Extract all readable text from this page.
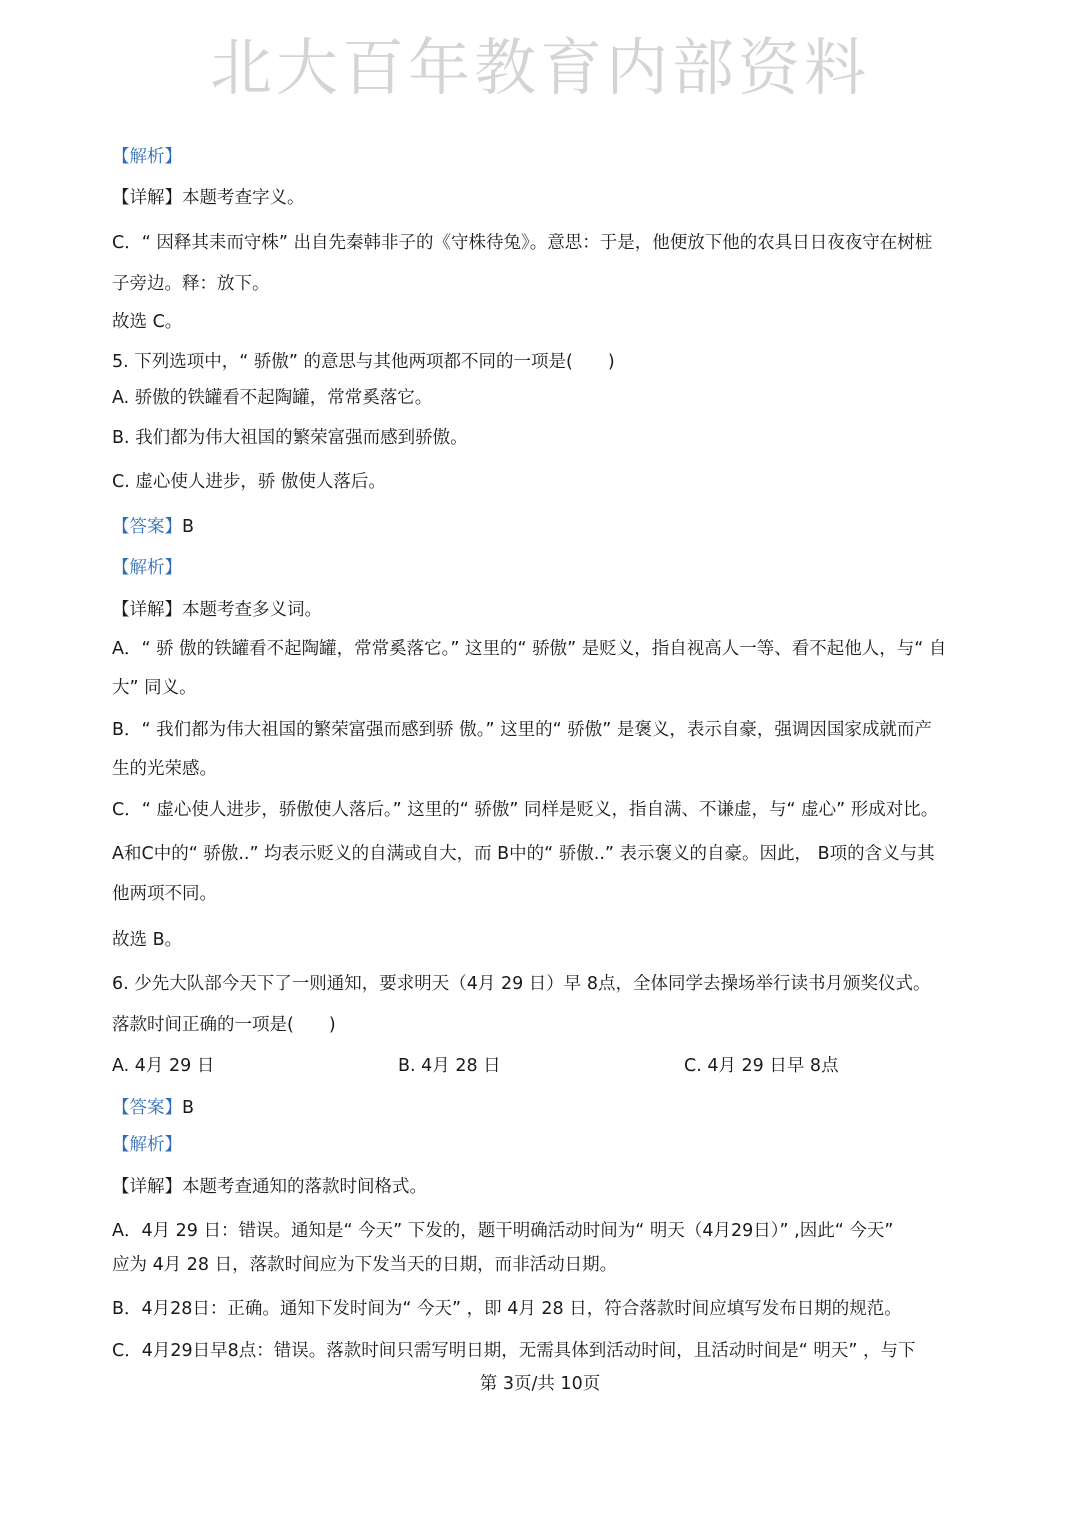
北大百年教育内部资料
【解析】
【详解】本题考查字义。
C．“ 因释其耒而守株” 出自先秦韩非子的《守株待兔》。意思：于是，他便放下他的农具日日夜夜守在树桩
子旁边。释：放下。
故选 C。
5. 下列选项中，“ 骄傲” 的意思与其他两项都不同的一项是(　　)
A. 骄傲的铁罐看不起陶罐，常常奚落它。
B. 我们都为伟大祖国的繁荣富强而感到骄傲。
C. 虚心使人进步，骄 傲使人落后。
【答案】B
【解析】
【详解】本题考查多义词。
A．“ 骄 傲的铁罐看不起陶罐，常常奚落它。” 这里的“ 骄傲” 是贬义，指自视高人一等、看不起他人，与“ 自
大” 同义。
B．“ 我们都为伟大祖国的繁荣富强而感到骄 傲。” 这里的“ 骄傲” 是褒义，表示自豪，强调因国家成就而产
生的光荣感。
C．“ 虚心使人进步，骄傲使人落后。” 这里的“ 骄傲” 同样是贬义，指自满、不谦虚，与“ 虚心” 形成对比。
A和C中的“ 骄傲..” 均表示贬义的自满或自大，而 B中的“ 骄傲..” 表示褒义的自豪。因此， B项的含义与其
他两项不同。
故选 B。
6. 少先大队部今天下了一则通知，要求明天（4月 29 日）早 8点，全体同学去操场举行读书月颁奖仪式。
落款时间正确的一项是(　　)
A. 4月 29 日	B. 4月 28 日	C. 4月 29 日早 8点
【答案】B
【解析】
【详解】本题考查通知的落款时间格式。
A．4月 29 日：错误。通知是“ 今天” 下发的，题干明确活动时间为“ 明天（4月29日）” ,因此“ 今天”
应为 4月 28 日，落款时间应为下发当天的日期，而非活动日期。
B．4月28日：正确。通知下发时间为“ 今天” ，即 4月 28 日，符合落款时间应填写发布日期的规范。
C．4月29日早8点：错误。落款时间只需写明日期，无需具体到活动时间，且活动时间是“ 明天” ，与下
第 3页/共 10页
